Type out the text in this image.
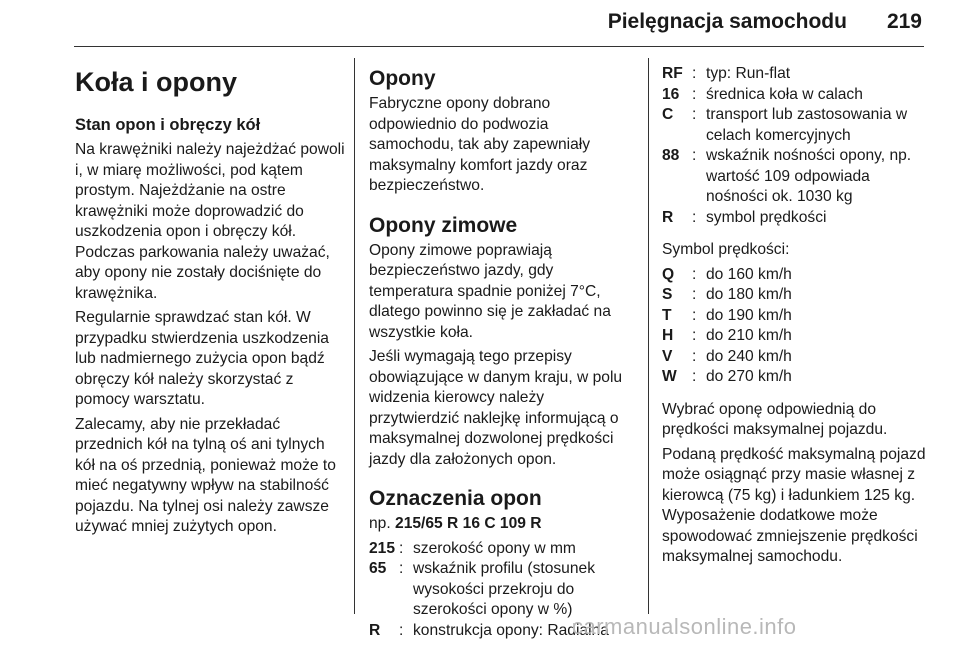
Pielęgnacja samochodu 219
Koła i opony
Stan opon i obręczy kół

Na krawężniki należy najeżdżać powoli i, w miarę możliwości, pod kątem prostym. Najeżdżanie na ostre krawężniki może doprowadzić do uszkodzenia opon i obręczy kół. Podczas parkowania należy uważać, aby opony nie zostały dociśnięte do krawężnika.

Regularnie sprawdzać stan kół. W przypadku stwierdzenia uszkodzenia lub nadmiernego zużycia opon bądź obręczy kół należy skorzystać z pomocy warsztatu.

Zalecamy, aby nie przekładać przednich kół na tylną oś ani tylnych kół na oś przednią, ponieważ może to mieć negatywny wpływ na stabilność pojazdu. Na tylnej osi należy zawsze używać mniej zużytych opon.

Opony

Fabryczne opony dobrano odpowiednio do podwozia samochodu, tak aby zapewniały maksymalny komfort jazdy oraz bezpieczeństwo.

Opony zimowe

Opony zimowe poprawiają bezpieczeństwo jazdy, gdy temperatura spadnie poniżej 7°C, dlatego powinno się je zakładać na wszystkie koła.

Jeśli wymagają tego przepisy obowiązujące w danym kraju, w polu widzenia kierowcy należy przytwierdzić naklejkę informującą o maksymalnej dozwolonej prędkości jazdy dla założonych opon.

Oznaczenia opon

np. 215/65 R 16 C 109 R

215 : szerokość opony w mm
65 : wskaźnik profilu (stosunek wysokości przekroju do szerokości opony w %)
R	: konstrukcja opony: Radialna
RF : typ: Run-flat
16 : średnica koła w calach
C	: transport lub zastosowania w celach komercyjnych
88 : wskaźnik nośności opony, np. wartość 109 odpowiada nośności ok. 1030 kg
R	: symbol prędkości

Symbol prędkości:

Q	: do 160 km/h
S	: do 180 km/h
T	: do 190 km/h
H	: do 210 km/h
V	: do 240 km/h
W : do 270 km/h

Wybrać oponę odpowiednią do prędkości maksymalnej pojazdu.

Podaną prędkość maksymalną pojazd może osiągnąć przy masie własnej z kierowcą (75 kg) i ładunkiem 125 kg. Wyposażenie dodatkowe może spowodować zmniejszenie prędkości maksymalnej samochodu.

carmanualsonline.info
